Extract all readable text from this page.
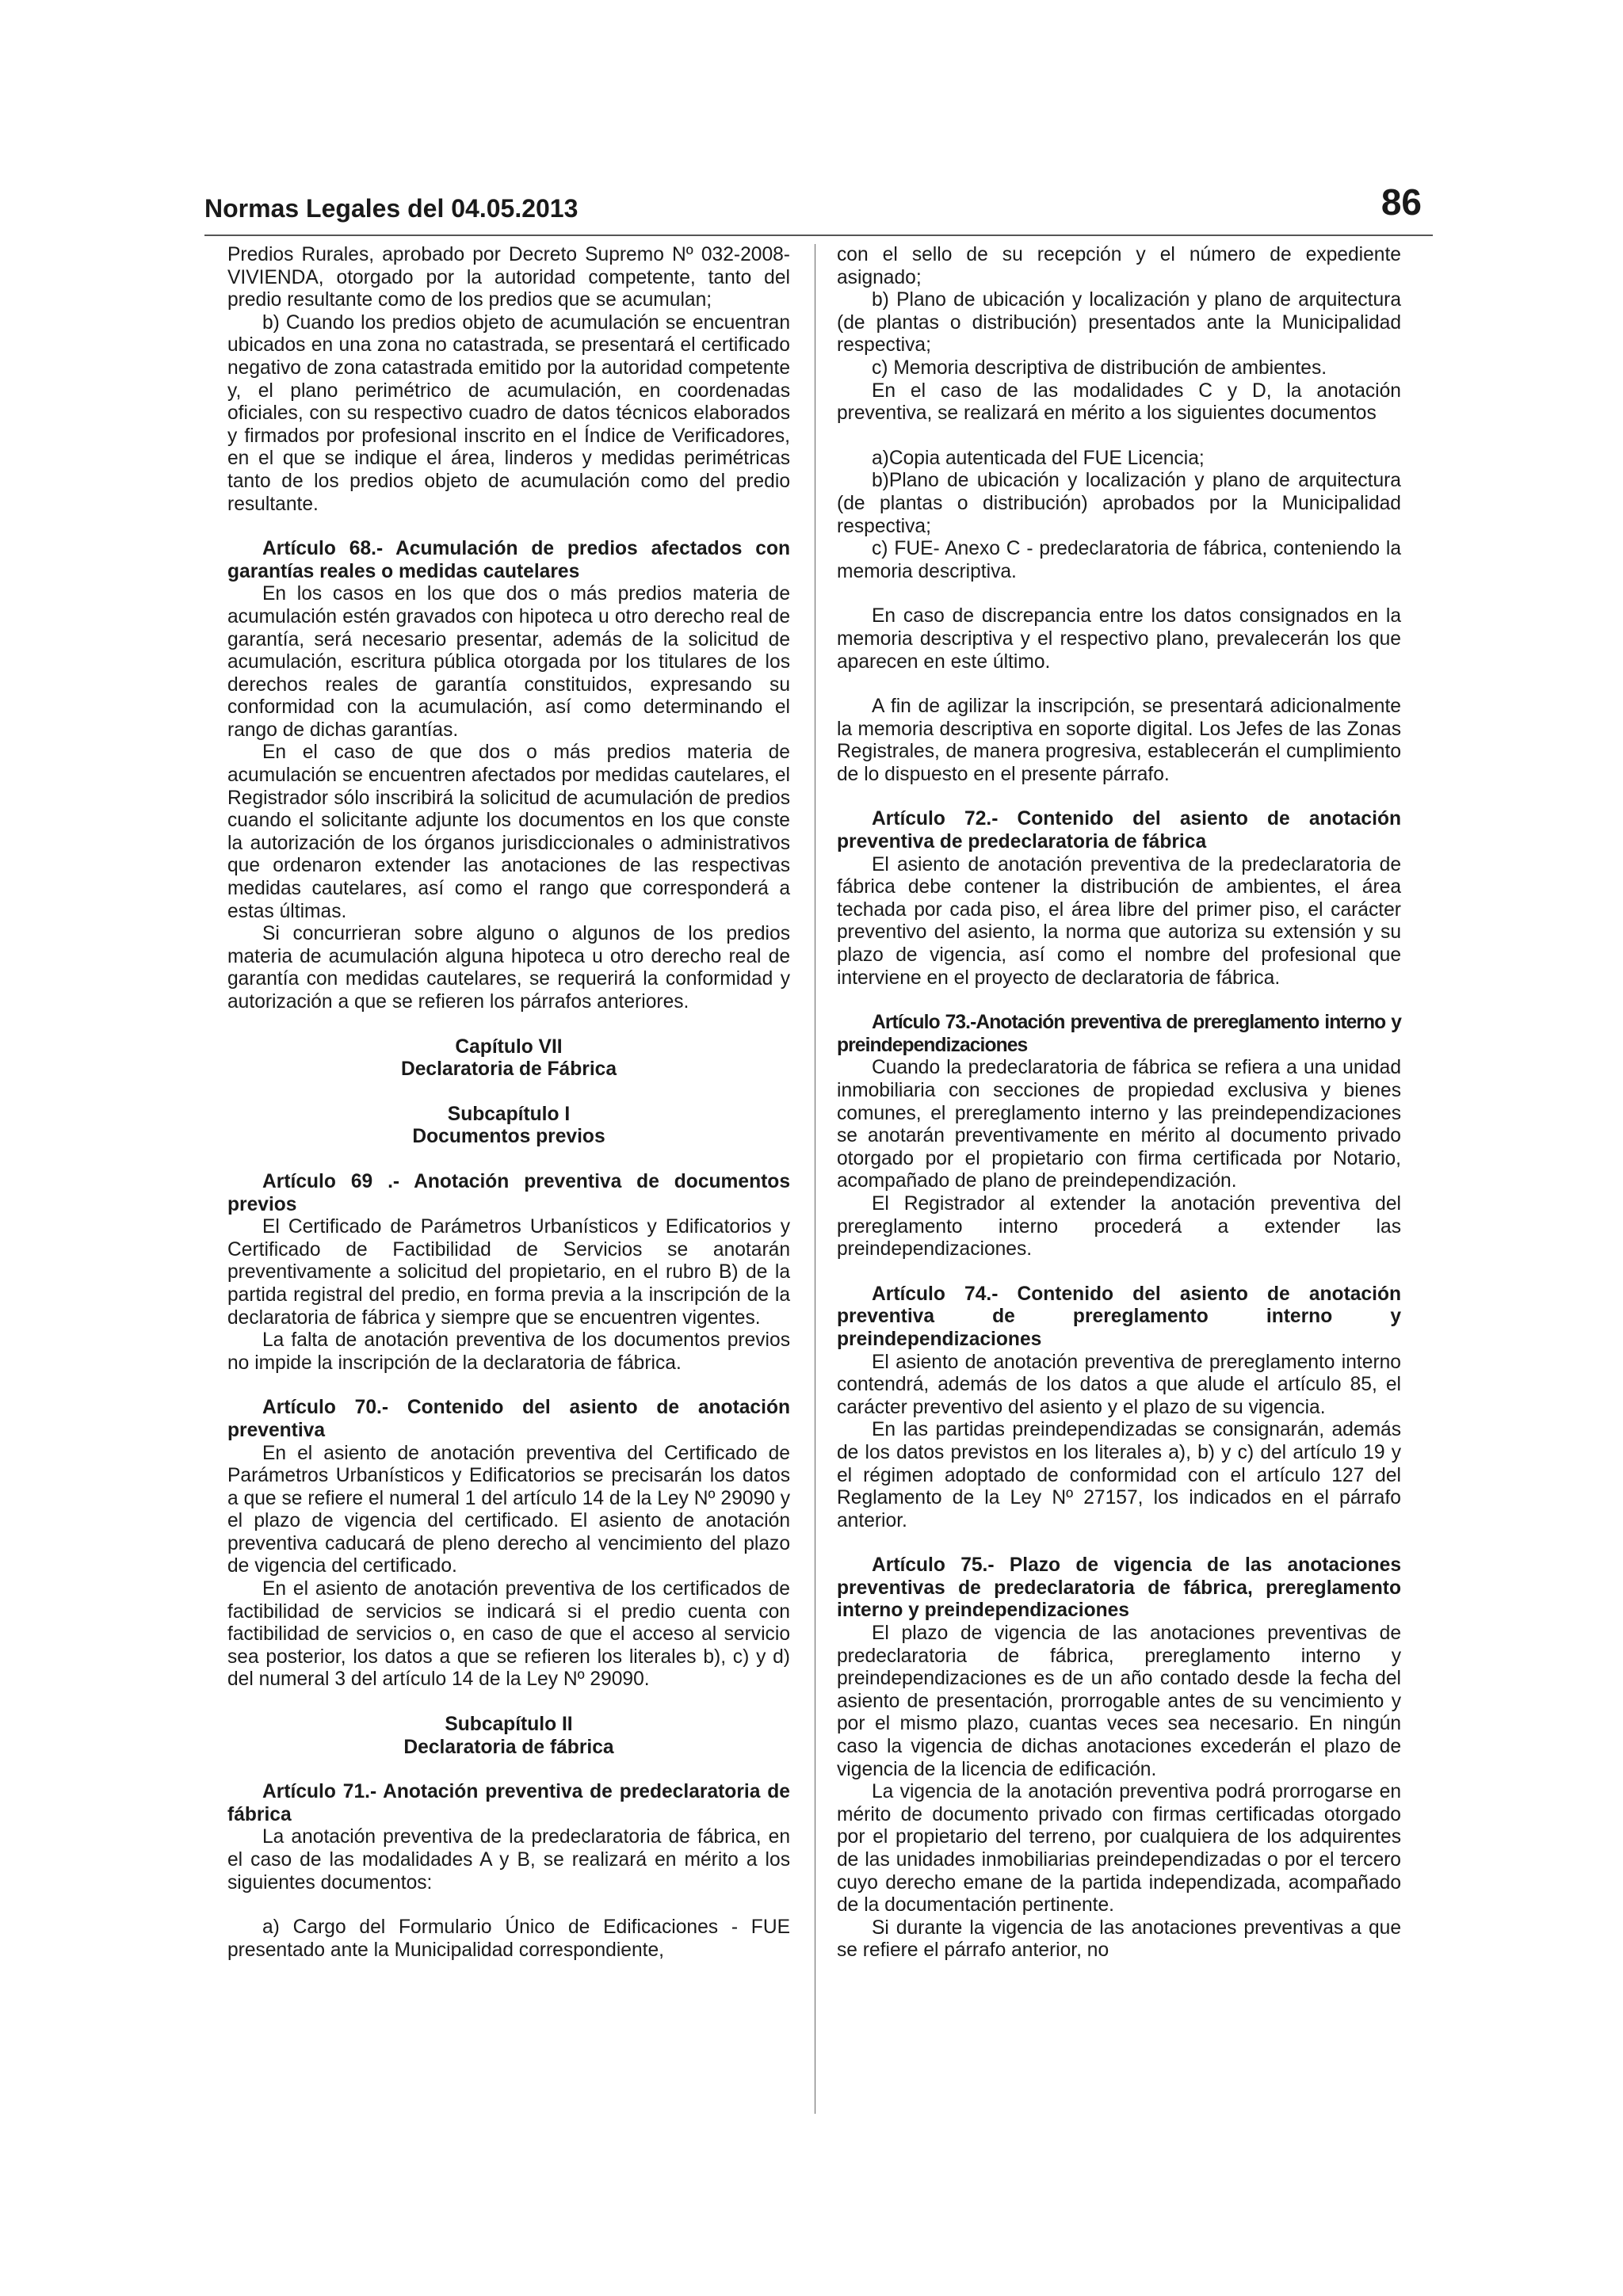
Normas Legales del 04.05.2013	86

Predios Rurales, aprobado por Decreto Supremo Nº 032-2008-VIVIENDA, otorgado por la autoridad competente, tanto del predio resultante como de los predios que se acumulan;

b) Cuando los predios objeto de acumulación se encuentran ubicados en una zona no catastrada, se presentará el certificado negativo de zona catastrada emitido por la autoridad competente y, el plano perimétrico de acumulación, en coordenadas oficiales, con su respectivo cuadro de datos técnicos elaborados y firmados por profesional inscrito en el Índice de Verificadores, en el que se indique el área, linderos y medidas perimétricas tanto de los predios objeto de acumulación como del predio resultante.

Artículo 68.- Acumulación de predios afectados con garantías reales o medidas cautelares

En los casos en los que dos o más predios materia de acumulación estén gravados con hipoteca u otro derecho real de garantía, será necesario presentar, además de la solicitud de acumulación, escritura pública otorgada por los titulares de los derechos reales de garantía constituidos, expresando su conformidad con la acumulación, así como determinando el rango de dichas garantías.

En el caso de que dos o más predios materia de acumulación se encuentren afectados por medidas cautelares, el Registrador sólo inscribirá la solicitud de acumulación de predios cuando el solicitante adjunte los documentos en los que conste la autorización de los órganos jurisdiccionales o administrativos que ordenaron extender las anotaciones de las respectivas medidas cautelares, así como el rango que corresponderá a estas últimas.

Si concurrieran sobre alguno o algunos de los predios materia de acumulación alguna hipoteca u otro derecho real de garantía con medidas cautelares, se requerirá la conformidad y autorización a que se refieren los párrafos anteriores.

Capítulo VII

Declaratoria de Fábrica

Subcapítulo I

Documentos previos

Artículo 69 .- Anotación preventiva de documentos previos

El Certificado de Parámetros Urbanísticos y Edificatorios y Certificado de Factibilidad de Servicios se anotarán preventivamente a solicitud del propietario, en el rubro B) de la partida registral del predio, en forma previa a la inscripción de la declaratoria de fábrica y siempre que se encuentren vigentes.

La falta de anotación preventiva de los documentos previos no impide la inscripción de la declaratoria de fábrica.

Artículo 70.- Contenido del asiento de anotación preventiva

En el asiento de anotación preventiva del Certificado de Parámetros Urbanísticos y Edificatorios se precisarán los datos a que se refiere el numeral 1 del artículo 14 de la Ley Nº 29090 y el plazo de vigencia del certificado. El asiento de anotación preventiva caducará de pleno derecho al vencimiento del plazo de vigencia del certificado.

En el asiento de anotación preventiva de los certificados de factibilidad de servicios se indicará si el predio cuenta con factibilidad de servicios o, en caso de que el acceso al servicio sea posterior, los datos a que se refieren los literales b), c) y d) del numeral 3 del artículo 14 de la Ley Nº 29090.

Subcapítulo II

Declaratoria de fábrica

Artículo 71.- Anotación preventiva de predeclaratoria de fábrica

La anotación preventiva de la predeclaratoria de fábrica, en el caso de las modalidades A y B, se realizará en mérito a los siguientes documentos:

a) Cargo del Formulario Único de Edificaciones - FUE presentado ante la Municipalidad correspondiente,

con el sello de su recepción y el número de expediente asignado;

b) Plano de ubicación y localización y plano de arquitectura (de plantas o distribución) presentados ante la Municipalidad respectiva;

c) Memoria descriptiva de distribución de ambientes.

En el caso de las modalidades C y D, la anotación preventiva, se realizará en mérito a los siguientes documentos

a)Copia autenticada del FUE Licencia;

b)Plano de ubicación y localización y plano de arquitectura (de plantas o distribución) aprobados por la Municipalidad respectiva;

c) FUE- Anexo C - predeclaratoria de fábrica, conteniendo la memoria descriptiva.

En caso de discrepancia entre los datos consignados en la memoria descriptiva y el respectivo plano, prevalecerán los que aparecen en este último.

A fin de agilizar la inscripción, se presentará adicionalmente la memoria descriptiva en soporte digital. Los Jefes de las Zonas Registrales, de manera progresiva, establecerán el cumplimiento de lo dispuesto en el presente párrafo.

Artículo 72.- Contenido del asiento de anotación preventiva de predeclaratoria de fábrica

El asiento de anotación preventiva de la predeclaratoria de fábrica debe contener la distribución de ambientes, el área techada por cada piso, el área libre del primer piso, el carácter preventivo del asiento, la norma que autoriza su extensión y su plazo de vigencia, así como el nombre del profesional que interviene en el proyecto de declaratoria de fábrica.

Artículo 73.-Anotación preventiva de prereglamento interno y preindependizaciones

Cuando la predeclaratoria de fábrica se refiera a una unidad inmobiliaria con secciones de propiedad exclusiva y bienes comunes, el prereglamento interno y las preindependizaciones se anotarán preventivamente en mérito al documento privado otorgado por el propietario con firma certificada por Notario, acompañado de plano de preindependización.

El Registrador al extender la anotación preventiva del prereglamento interno procederá a extender las preindependizaciones.

Artículo 74.- Contenido del asiento de anotación preventiva de prereglamento interno y preindependizaciones

El asiento de anotación preventiva de prereglamento interno contendrá, además de los datos a que alude el artículo 85, el carácter preventivo del asiento y el plazo de su vigencia.

En las partidas preindependizadas se consignarán, además de los datos previstos en los literales a), b) y c) del artículo 19 y el régimen adoptado de conformidad con el artículo 127 del Reglamento de la Ley Nº 27157, los indicados en el párrafo anterior.

Artículo 75.- Plazo de vigencia de las anotaciones preventivas de predeclaratoria de fábrica, prereglamento interno y preindependizaciones

El plazo de vigencia de las anotaciones preventivas de predeclaratoria de fábrica, prereglamento interno y preindependizaciones es de un año contado desde la fecha del asiento de presentación, prorrogable antes de su vencimiento y por el mismo plazo, cuantas veces sea necesario. En ningún caso la vigencia de dichas anotaciones excederán el plazo de vigencia de la licencia de edificación.

La vigencia de la anotación preventiva podrá prorrogarse en mérito de documento privado con firmas certificadas otorgado por el propietario del terreno, por cualquiera de los adquirentes de las unidades inmobiliarias preindependizadas o por el tercero cuyo derecho emane de la partida independizada, acompañado de la documentación pertinente.

Si durante la vigencia de las anotaciones preventivas a que se refiere el párrafo anterior, no
